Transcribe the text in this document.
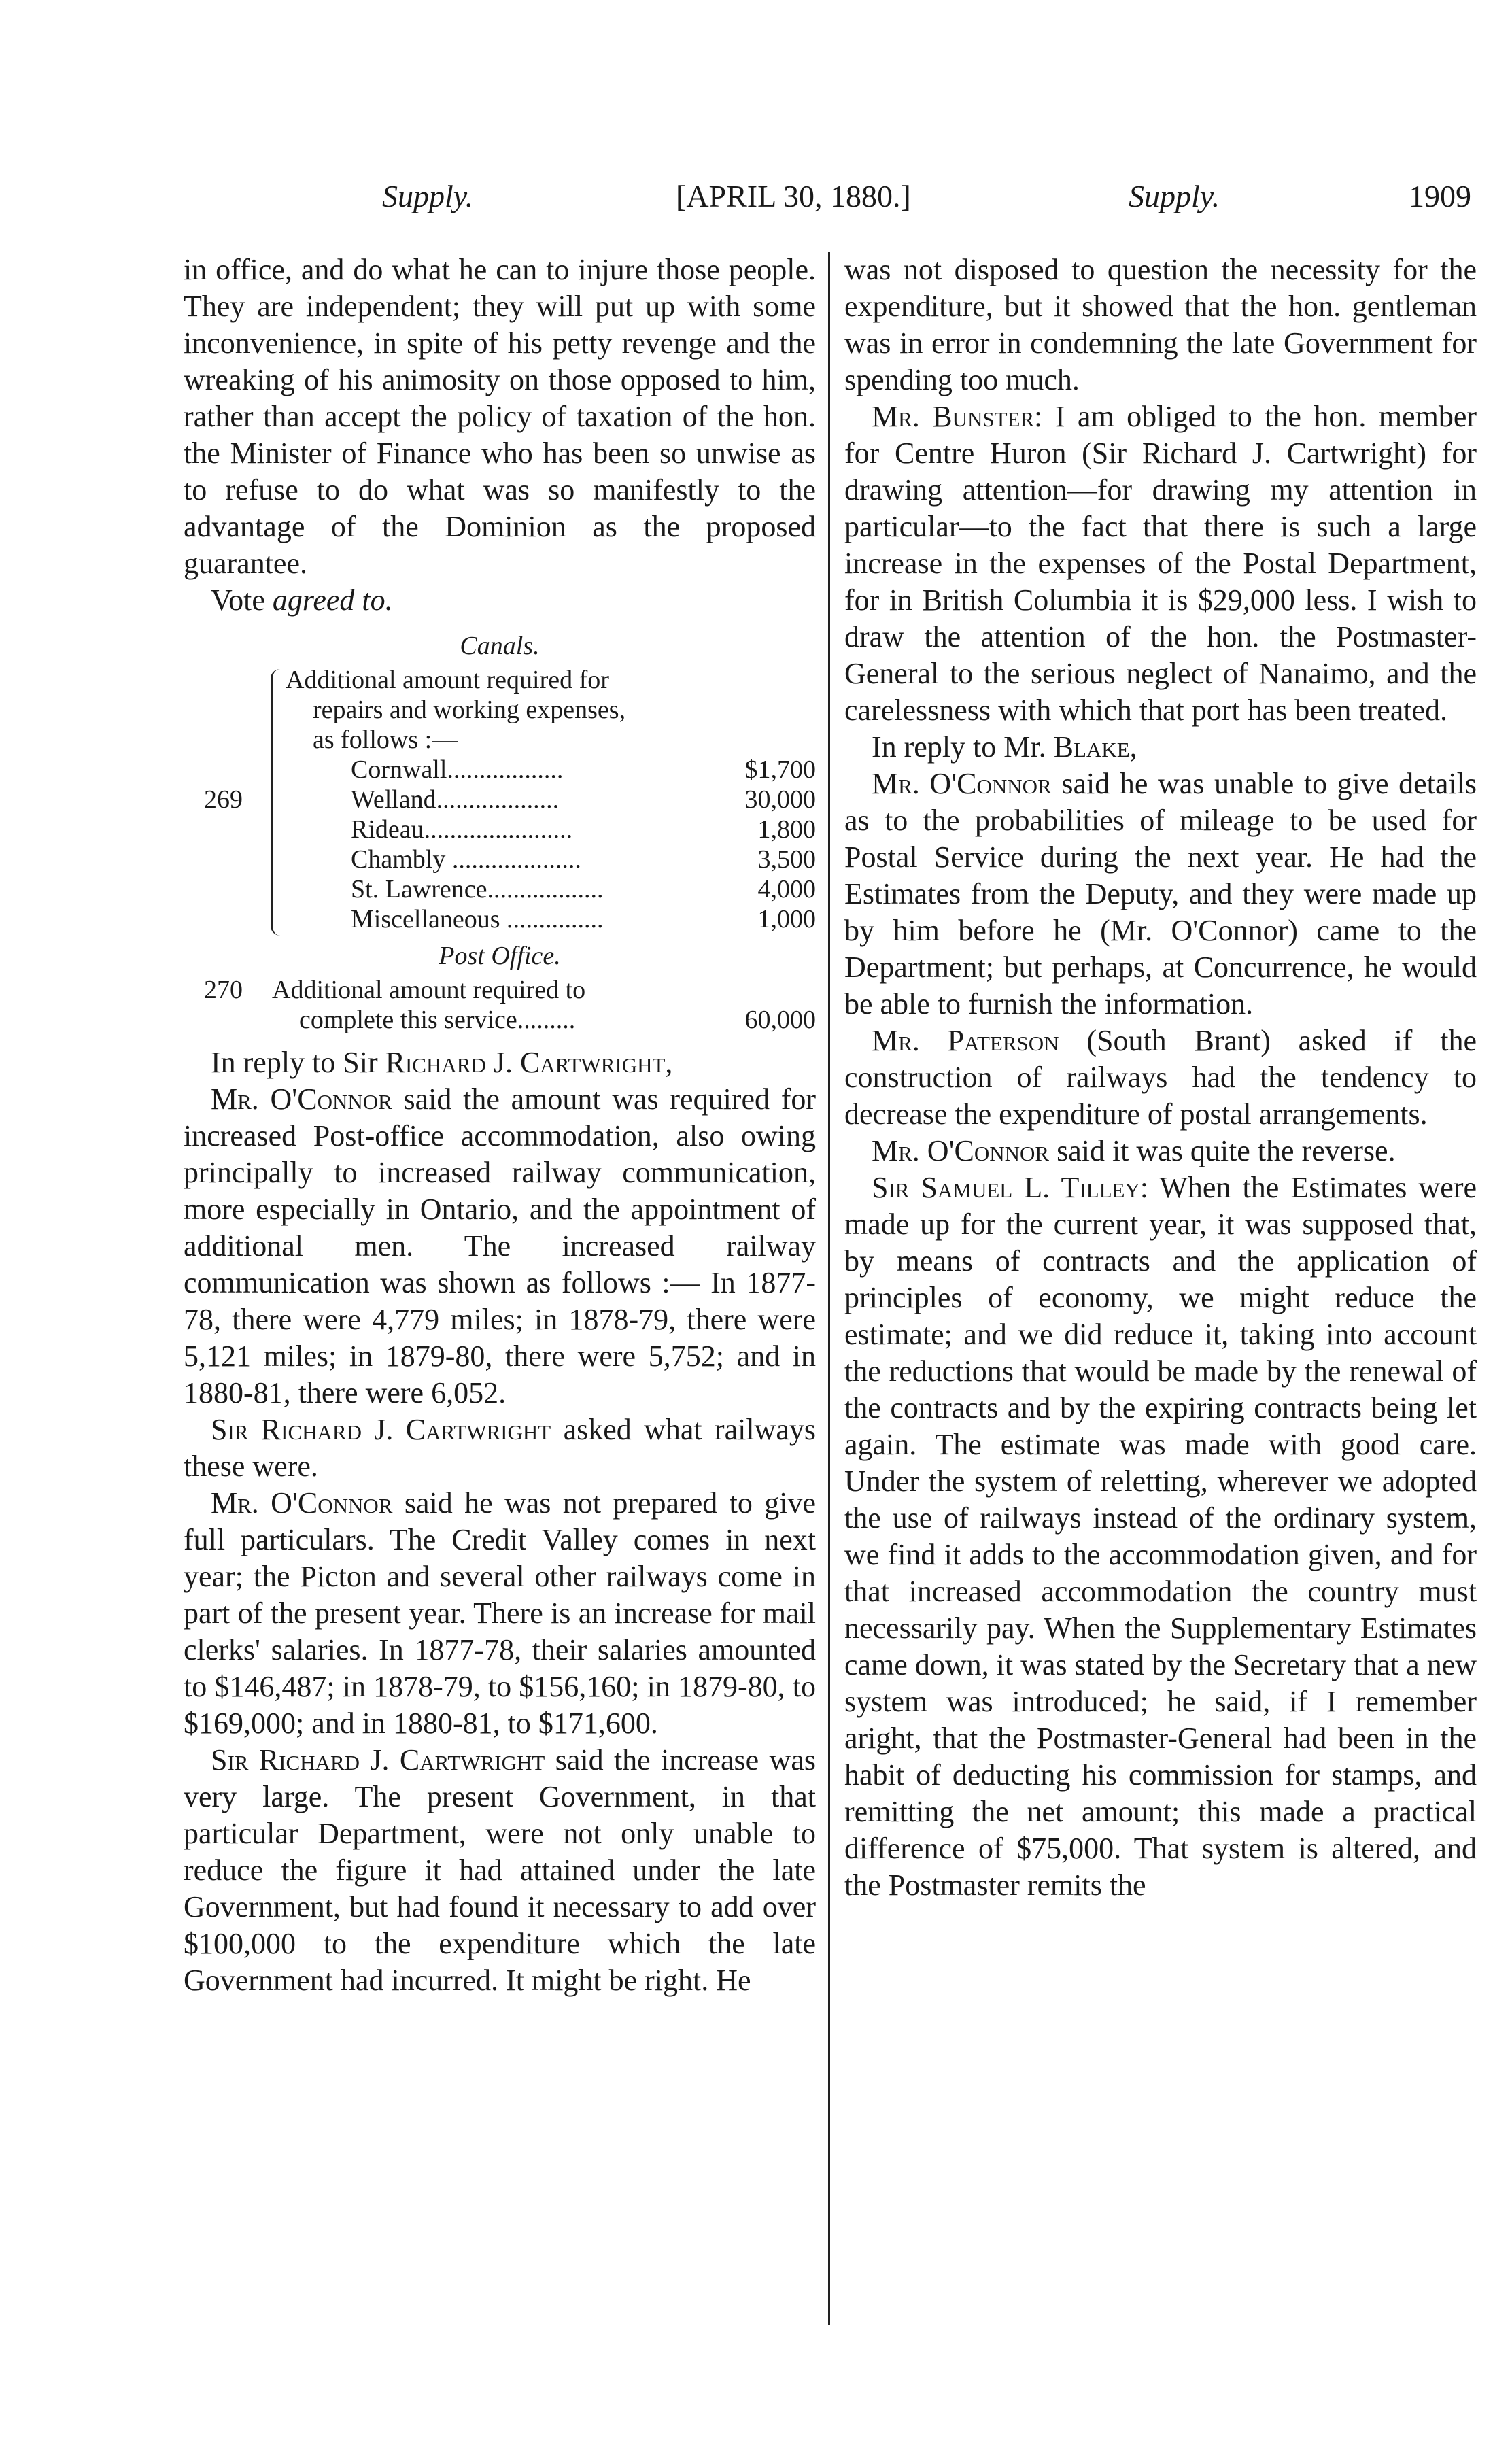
Supply.	[APRIL 30, 1880.]	Supply.	1909

in office, and do what he can to injure those people. They are independent; they will put up with some inconvenience, in spite of his petty revenge and the wreaking of his animosity on those opposed to him, rather than accept the policy of taxation of the hon. the Minister of Finance who has been so unwise as to refuse to do what was so manifestly to the advantage of the Dominion as the proposed guarantee.

Vote agreed to.

Canals.
269
Additional amount required for
repairs and working expenses,
as follows :—
Cornwall..................	$1,700
Welland...................	30,000
Rideau.......................	1,800
Chambly ....................	3,500
St. Lawrence..................	4,000
Miscellaneous ...............	1,000
Post Office.
270 Additional amount required to
complete this service.........	60,000

In reply to Sir Richard J. Cartwright,

Mr. O'Connor said the amount was required for increased Post-office accommodation, also owing principally to increased railway communication, more especially in Ontario, and the appointment of additional men. The increased railway communication was shown as follows :— In 1877-78, there were 4,779 miles; in 1878-79, there were 5,121 miles; in 1879-80, there were 5,752; and in 1880-81, there were 6,052.

Sir Richard J. Cartwright asked what railways these were.

Mr. O'Connor said he was not prepared to give full particulars. The Credit Valley comes in next year; the Picton and several other railways come in part of the present year. There is an increase for mail clerks' salaries. In 1877-78, their salaries amounted to $146,487; in 1878-79, to $156,160; in 1879-80, to $169,000; and in 1880-81, to $171,600.

Sir Richard J. Cartwright said the increase was very large. The present Government, in that particular Department, were not only unable to reduce the figure it had attained under the late Government, but had found it necessary to add over $100,000 to the expenditure which the late Government had incurred. It might be right. He

was not disposed to question the necessity for the expenditure, but it showed that the hon. gentleman was in error in condemning the late Government for spending too much.

Mr. Bunster: I am obliged to the hon. member for Centre Huron (Sir Richard J. Cartwright) for drawing attention—for drawing my attention in particular—to the fact that there is such a large increase in the expenses of the Postal Department, for in British Columbia it is $29,000 less. I wish to draw the attention of the hon. the Postmaster-General to the serious neglect of Nanaimo, and the carelessness with which that port has been treated.

In reply to Mr. Blake,

Mr. O'Connor said he was unable to give details as to the probabilities of mileage to be used for Postal Service during the next year. He had the Estimates from the Deputy, and they were made up by him before he (Mr. O'Connor) came to the Department; but perhaps, at Concurrence, he would be able to furnish the information.

Mr. Paterson (South Brant) asked if the construction of railways had the tendency to decrease the expenditure of postal arrangements.

Mr. O'Connor said it was quite the reverse.

Sir Samuel L. Tilley: When the Estimates were made up for the current year, it was supposed that, by means of contracts and the application of principles of economy, we might reduce the estimate; and we did reduce it, taking into account the reductions that would be made by the renewal of the contracts and by the expiring contracts being let again. The estimate was made with good care. Under the system of reletting, wherever we adopted the use of railways instead of the ordinary system, we find it adds to the accommodation given, and for that increased accommodation the country must necessarily pay. When the Supplementary Estimates came down, it was stated by the Secretary that a new system was introduced; he said, if I remember aright, that the Postmaster-General had been in the habit of deducting his commission for stamps, and remitting the net amount; this made a practical difference of $75,000. That system is altered, and the Postmaster remits the
